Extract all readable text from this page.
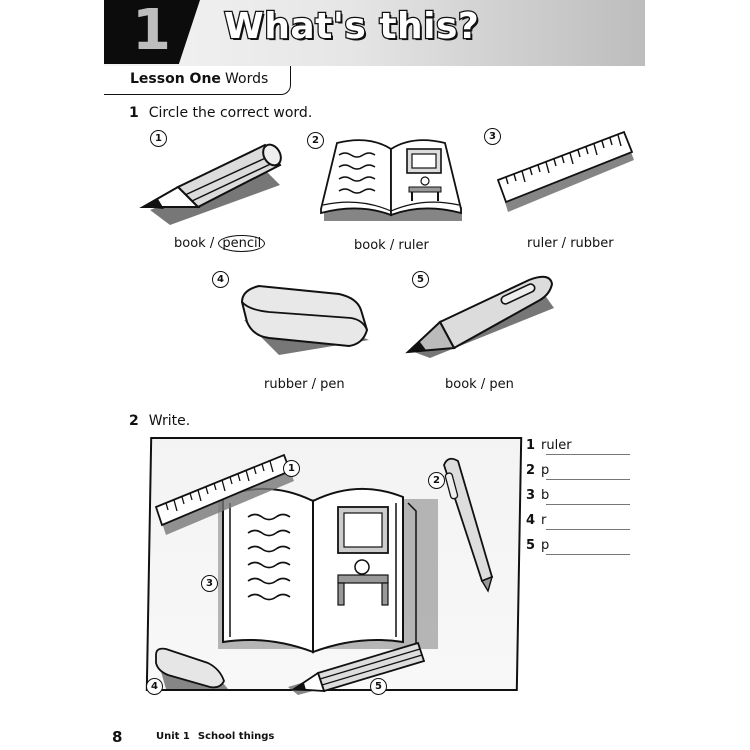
1 What's this?
Lesson One Words
1 Circle the correct word.
1
book / pencil
2
book / ruler
3
ruler / rubber
4
rubber / pen
5
book / pen
2 Write.
1
2
3
4	5
1 ruler
2 p
3 b
4 r
5 p
8	Unit 1 School things
